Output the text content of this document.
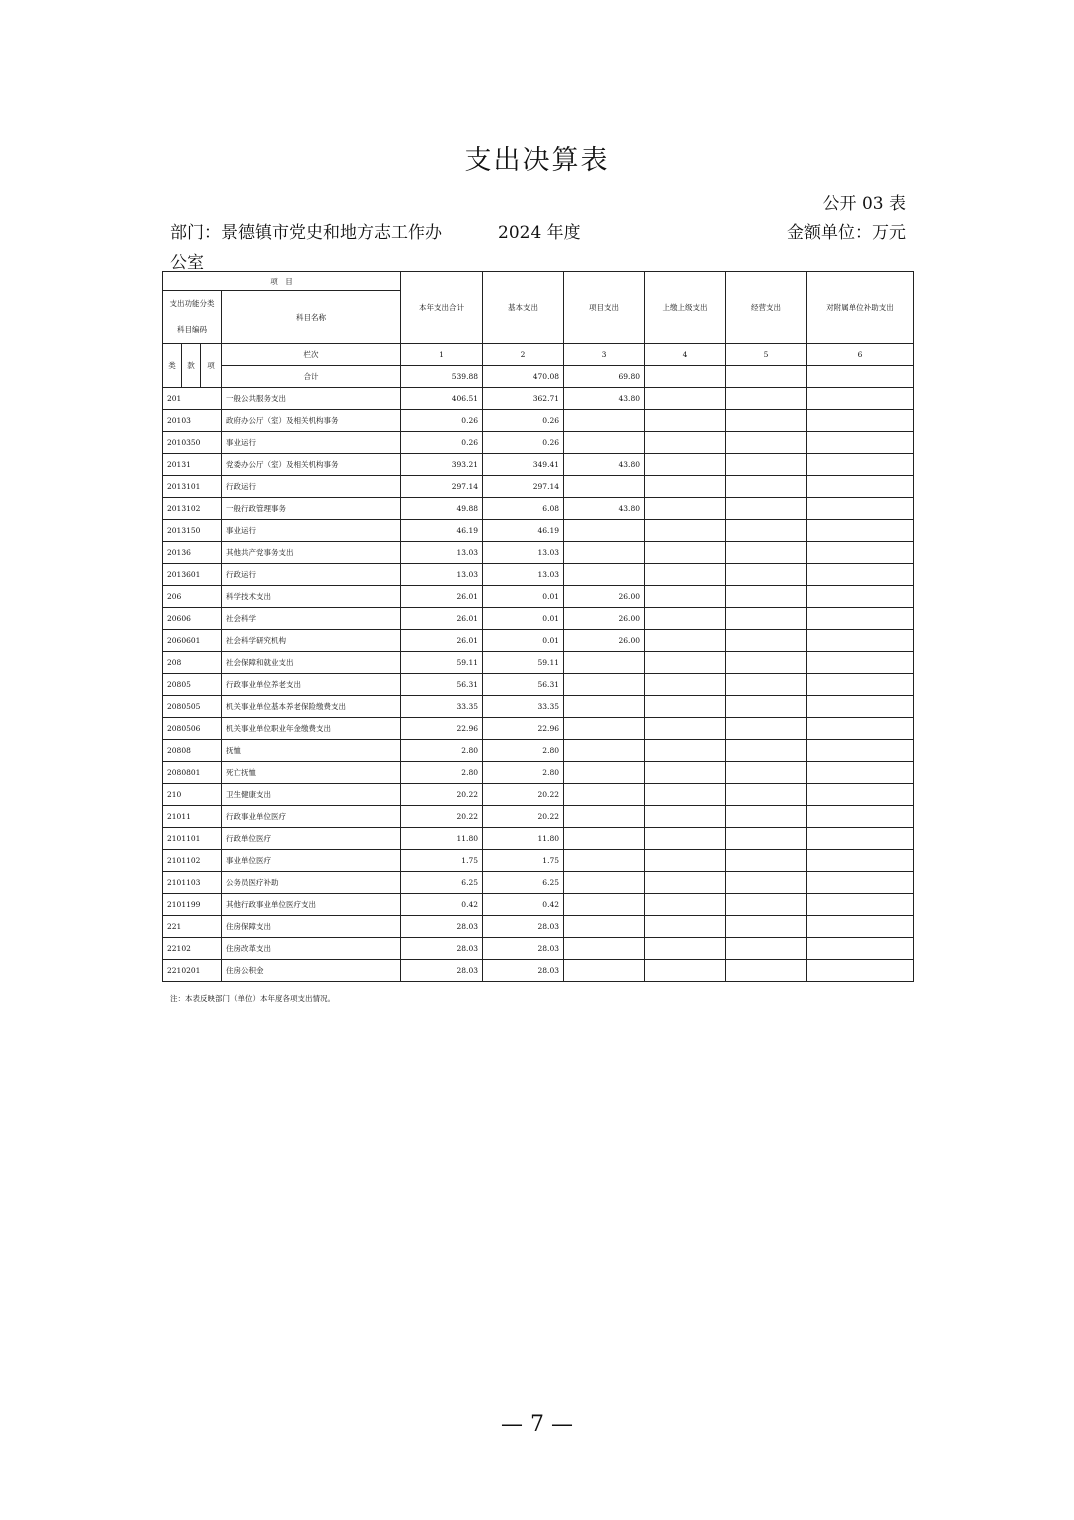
支出决算表
公开 03 表
部门：景德镇市党史和地方志工作办公室
2024 年度	金额单位：万元
项　目				本年支出合计	基本支出	项目支出	上缴上级支出	经营支出	对附属单位补助支出
支出功能分类科目编码			科目名称						

类	款	项	栏次	1	2	3	4	5	6
			合计	539.88	470.08	69.80			
201			一般公共服务支出	406.51	362.71	43.80			
20103			政府办公厅（室）及相关机构事务	0.26	0.26				
2010350			事业运行	0.26	0.26				
20131			党委办公厅（室）及相关机构事务	393.21	349.41	43.80			
2013101			行政运行	297.14	297.14				
2013102			一般行政管理事务	49.88	6.08	43.80			
2013150			事业运行	46.19	46.19				
20136			其他共产党事务支出	13.03	13.03				
2013601			行政运行	13.03	13.03				
206			科学技术支出	26.01	0.01	26.00			
20606			社会科学	26.01	0.01	26.00			
2060601			社会科学研究机构	26.01	0.01	26.00			
208			社会保障和就业支出	59.11	59.11				
20805			行政事业单位养老支出	56.31	56.31				
2080505			机关事业单位基本养老保险缴费支出	33.35	33.35				
2080506			机关事业单位职业年金缴费支出	22.96	22.96				
20808			抚恤	2.80	2.80				
2080801			死亡抚恤	2.80	2.80				
210			卫生健康支出	20.22	20.22				
21011			行政事业单位医疗	20.22	20.22				
2101101			行政单位医疗	11.80	11.80				
2101102			事业单位医疗	1.75	1.75				
2101103			公务员医疗补助	6.25	6.25				
2101199			其他行政事业单位医疗支出	0.42	0.42				
221			住房保障支出	28.03	28.03				
22102			住房改革支出	28.03	28.03				
2210201			住房公积金	28.03	28.03				
注：本表反映部门（单位）本年度各项支出情况。
— 7 —
